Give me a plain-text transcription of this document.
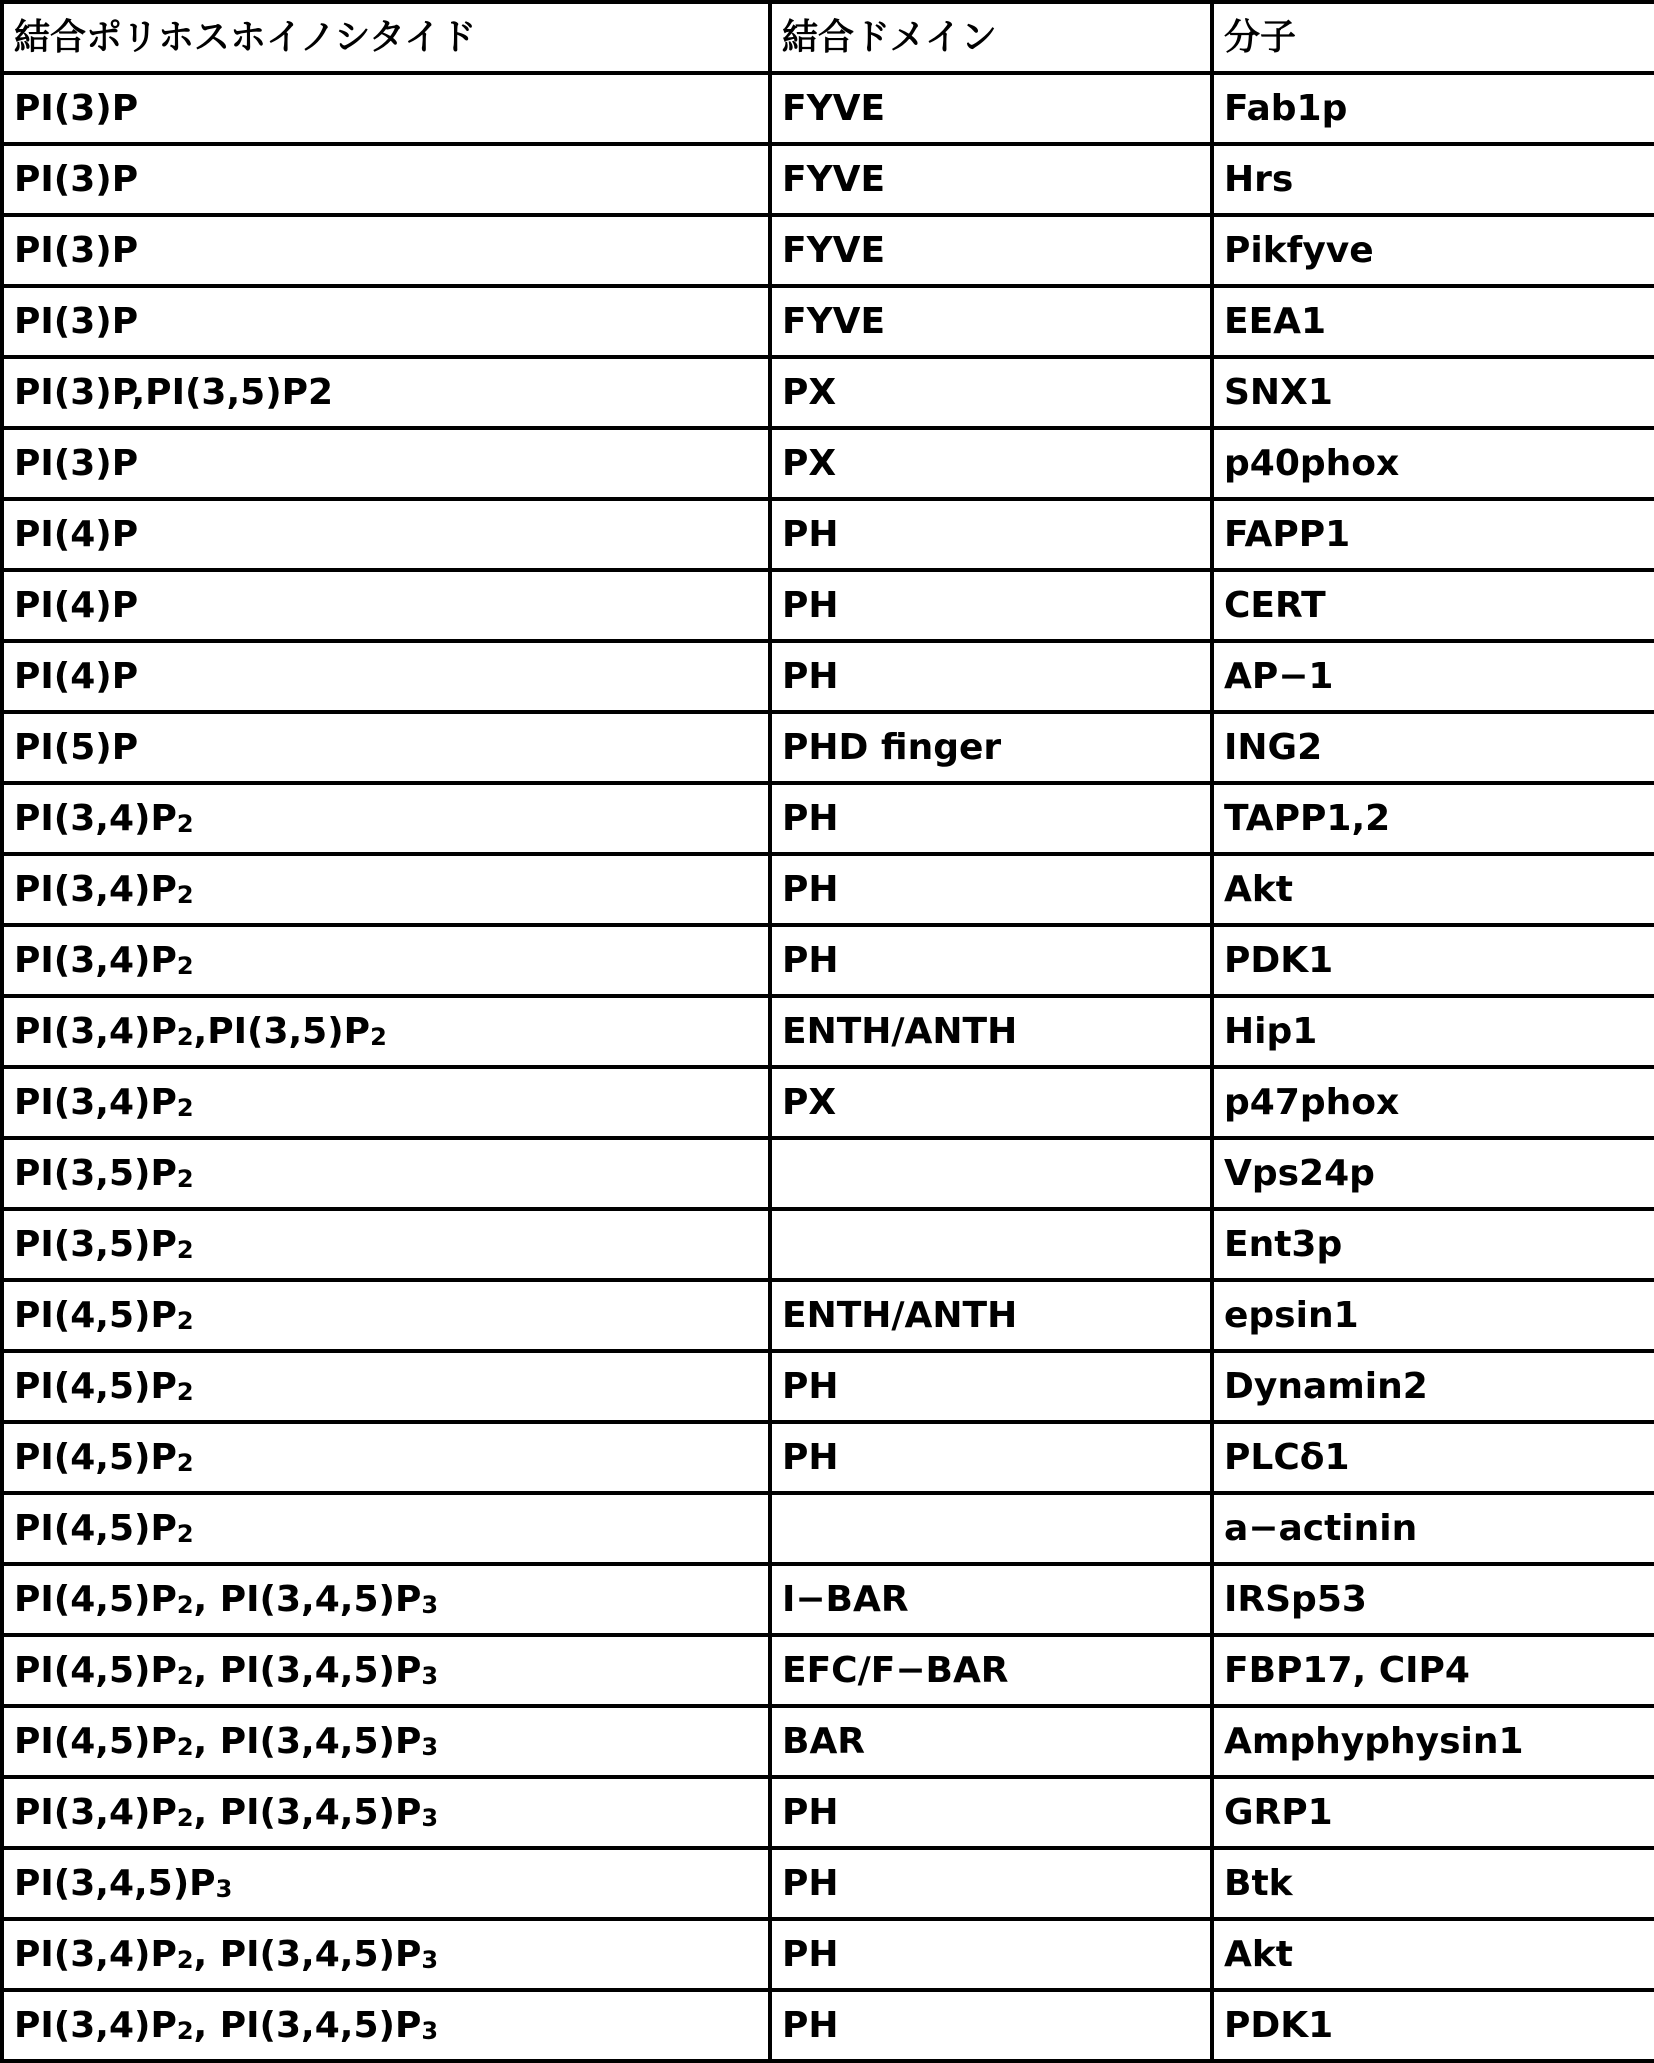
結合ポリホスホイノシタイド	結合ドメイン	分子
PI(3)P	FYVE	Fab1p
PI(3)P	FYVE	Hrs
PI(3)P	FYVE	Pikfyve
PI(3)P	FYVE	EEA1
PI(3)P,PI(3,5)P2	PX	SNX1
PI(3)P	PX	p40phox
PI(4)P	PH	FAPP1
PI(4)P	PH	CERT
PI(4)P	PH	AP−1
PI(5)P	PHD finger	ING2
$PI(3,4)P_2$	PH	TAPP1,2
$PI(3,4)P_2$	PH	Akt
$PI(3,4)P_2$	PH	PDK1
$PI(3,4)P_2,PI(3,5)P_2$	ENTH/ANTH	Hip1
$PI(3,4)P_2$	PX	p47phox
$PI(3,5)P_2$		Vps24p
$PI(3,5)P_2$		Ent3p
$PI(4,5)P_2$	ENTH/ANTH	epsin1
$PI(4,5)P_2$	PH	Dynamin2
$PI(4,5)P_2$	PH	PLCδ1
$PI(4,5)P_2$		a−actinin
$PI(4,5)P_2$, $PI(3,4,5)P_3$	I−BAR	IRSp53
$PI(4,5)P_2$, $PI(3,4,5)P_3$	EFC/F−BAR	FBP17, CIP4
$PI(4,5)P_2$, $PI(3,4,5)P_3$	BAR	Amphyphysin1
$PI(3,4)P_2$, $PI(3,4,5)P_3$	PH	GRP1
$PI(3,4,5)P_3$	PH	Btk
$PI(3,4)P_2$, $PI(3,4,5)P_3$	PH	Akt
$PI(3,4)P_2$, $PI(3,4,5)P_3$	PH	PDK1
